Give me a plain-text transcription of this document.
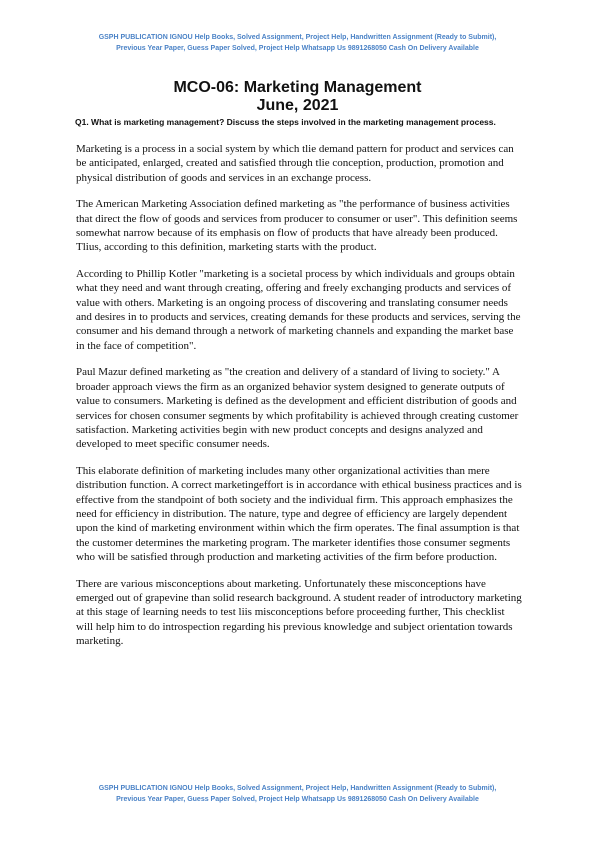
GSPH PUBLICATION IGNOU Help Books, Solved Assignment, Project Help, Handwritten Assignment (Ready to Submit),
Previous Year Paper, Guess Paper Solved, Project Help Whatsapp Us 9891268050 Cash On Delivery Available
MCO-06: Marketing Management
June, 2021
Q1. What is marketing management? Discuss the steps involved in the marketing management process.

Marketing is a process in a social system by which tlie demand pattern for product and services can be anticipated, enlarged, created and satisfied through tlie conception, production, promotion and physical distribution of goods and services in an exchange process.

The American Marketing Association defined marketing as "the performance of business activities that direct the flow of goods and services from producer to consumer or user". This definition seems somewhat narrow because of its emphasis on flow of products that have already been produced. Tlius, according to this definition, marketing starts with the product.

According to Phillip Kotler "marketing is a societal process by which individuals and groups obtain what they need and want through creating, offering and freely exchanging products and services of value with others. Marketing is an ongoing process of discovering and translating consumer needs and desires in to products and services, creating demands for these products and services, serving the consumer and his demand through a network of marketing channels and expanding the market base in the face of competition".

Paul Mazur defined marketing as "the creation and delivery of a standard of living to society." A broader approach views the firm as an organized behavior system designed to generate outputs of value to consumers. Marketing is defined as the development and efficient distribution of goods and services for chosen consumer segments by which profitability is achieved through creating customer satisfaction. Marketing activities begin with new product concepts and designs analyzed and developed to meet specific consumer needs.

This elaborate definition of marketing includes many other organizational activities than mere distribution function. A correct marketingeffort is in accordance with ethical business practices and is effective from the standpoint of both society and the individual firm. This approach emphasizes the need for efficiency in distribution. The nature, type and degree of efficiency are largely dependent upon the kind of marketing environment within which the firm operates. The final assumption is that the customer determines the marketing program. The marketer identifies those consumer segments who will be satisfied through production and marketing activities of the firm before production.

There are various misconceptions about marketing. Unfortunately these misconceptions have emerged out of grapevine than solid research background. A student reader of introductory marketing at this stage of learning needs to test liis misconceptions before proceeding further, This checklist will help him to do introspection regarding his previous knowledge and subject orientation towards marketing.

GSPH PUBLICATION IGNOU Help Books, Solved Assignment, Project Help, Handwritten Assignment (Ready to Submit),
Previous Year Paper, Guess Paper Solved, Project Help Whatsapp Us 9891268050 Cash On Delivery Available
